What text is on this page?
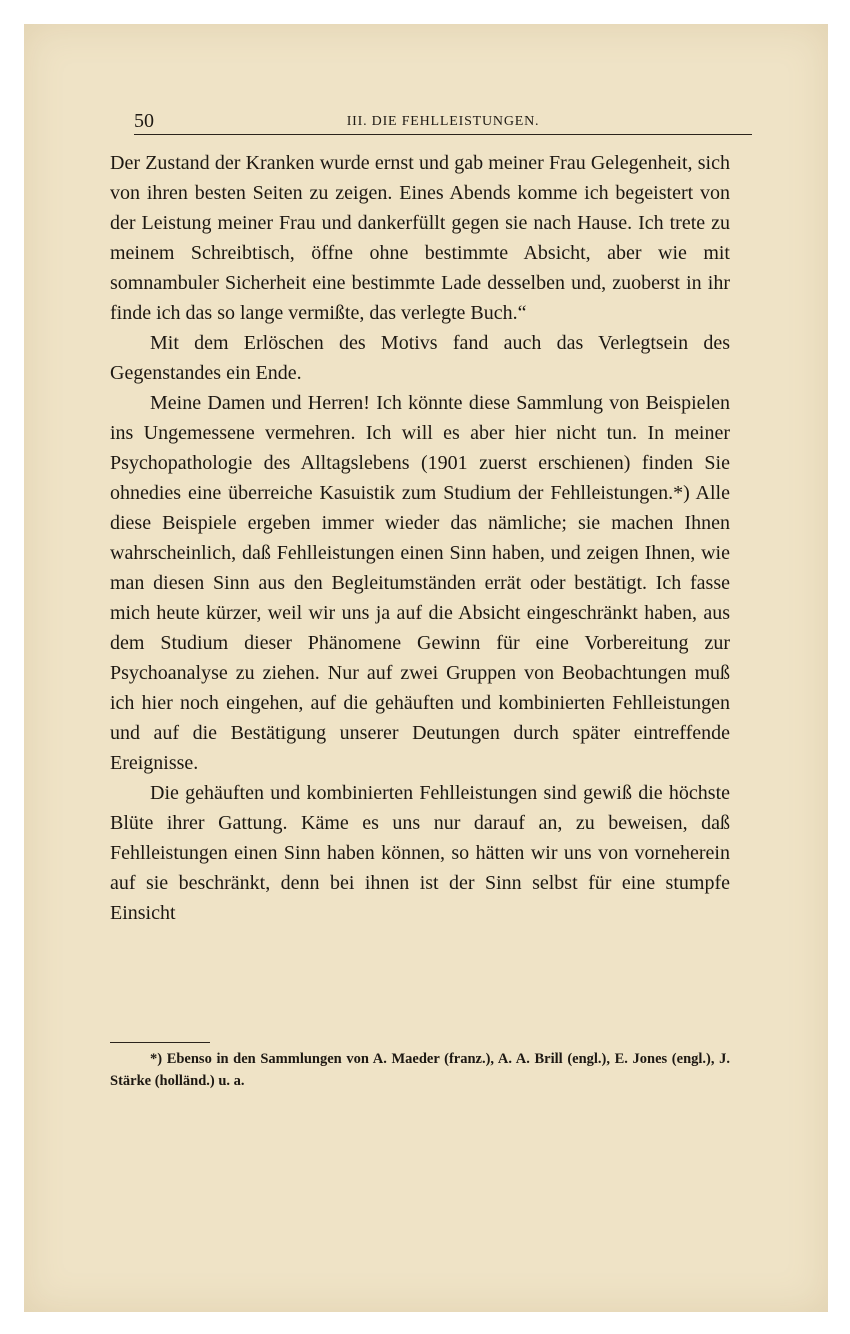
50	III. DIE FEHLLEISTUNGEN.

Der Zustand der Kranken wurde ernst und gab meiner Frau Gelegenheit, sich von ihren besten Seiten zu zeigen. Eines Abends komme ich begeistert von der Leistung meiner Frau und dankerfüllt gegen sie nach Hause. Ich trete zu meinem Schreibtisch, öffne ohne bestimmte Absicht, aber wie mit somnambuler Sicherheit eine bestimmte Lade desselben und, zuoberst in ihr finde ich das so lange vermißte, das verlegte Buch.“

Mit dem Erlöschen des Motivs fand auch das Verlegtsein des Gegenstandes ein Ende.

Meine Damen und Herren! Ich könnte diese Sammlung von Beispielen ins Ungemessene vermehren. Ich will es aber hier nicht tun. In meiner Psychopathologie des Alltagslebens (1901 zuerst erschienen) finden Sie ohnedies eine überreiche Kasuistik zum Studium der Fehlleistungen.*) Alle diese Beispiele ergeben immer wieder das nämliche; sie machen Ihnen wahrscheinlich, daß Fehlleistungen einen Sinn haben, und zeigen Ihnen, wie man diesen Sinn aus den Begleitumständen errät oder bestätigt. Ich fasse mich heute kürzer, weil wir uns ja auf die Absicht eingeschränkt haben, aus dem Studium dieser Phänomene Gewinn für eine Vorbereitung zur Psychoanalyse zu ziehen. Nur auf zwei Gruppen von Beobachtungen muß ich hier noch eingehen, auf die gehäuften und kombinierten Fehlleistungen und auf die Bestätigung unserer Deutungen durch später eintreffende Ereignisse.

Die gehäuften und kombinierten Fehlleistungen sind gewiß die höchste Blüte ihrer Gattung. Käme es uns nur darauf an, zu beweisen, daß Fehlleistungen einen Sinn haben können, so hätten wir uns von vorneherein auf sie beschränkt, denn bei ihnen ist der Sinn selbst für eine stumpfe Einsicht

*) Ebenso in den Sammlungen von A. Maeder (franz.), A. A. Brill (engl.), E. Jones (engl.), J. Stärke (holländ.) u. a.
